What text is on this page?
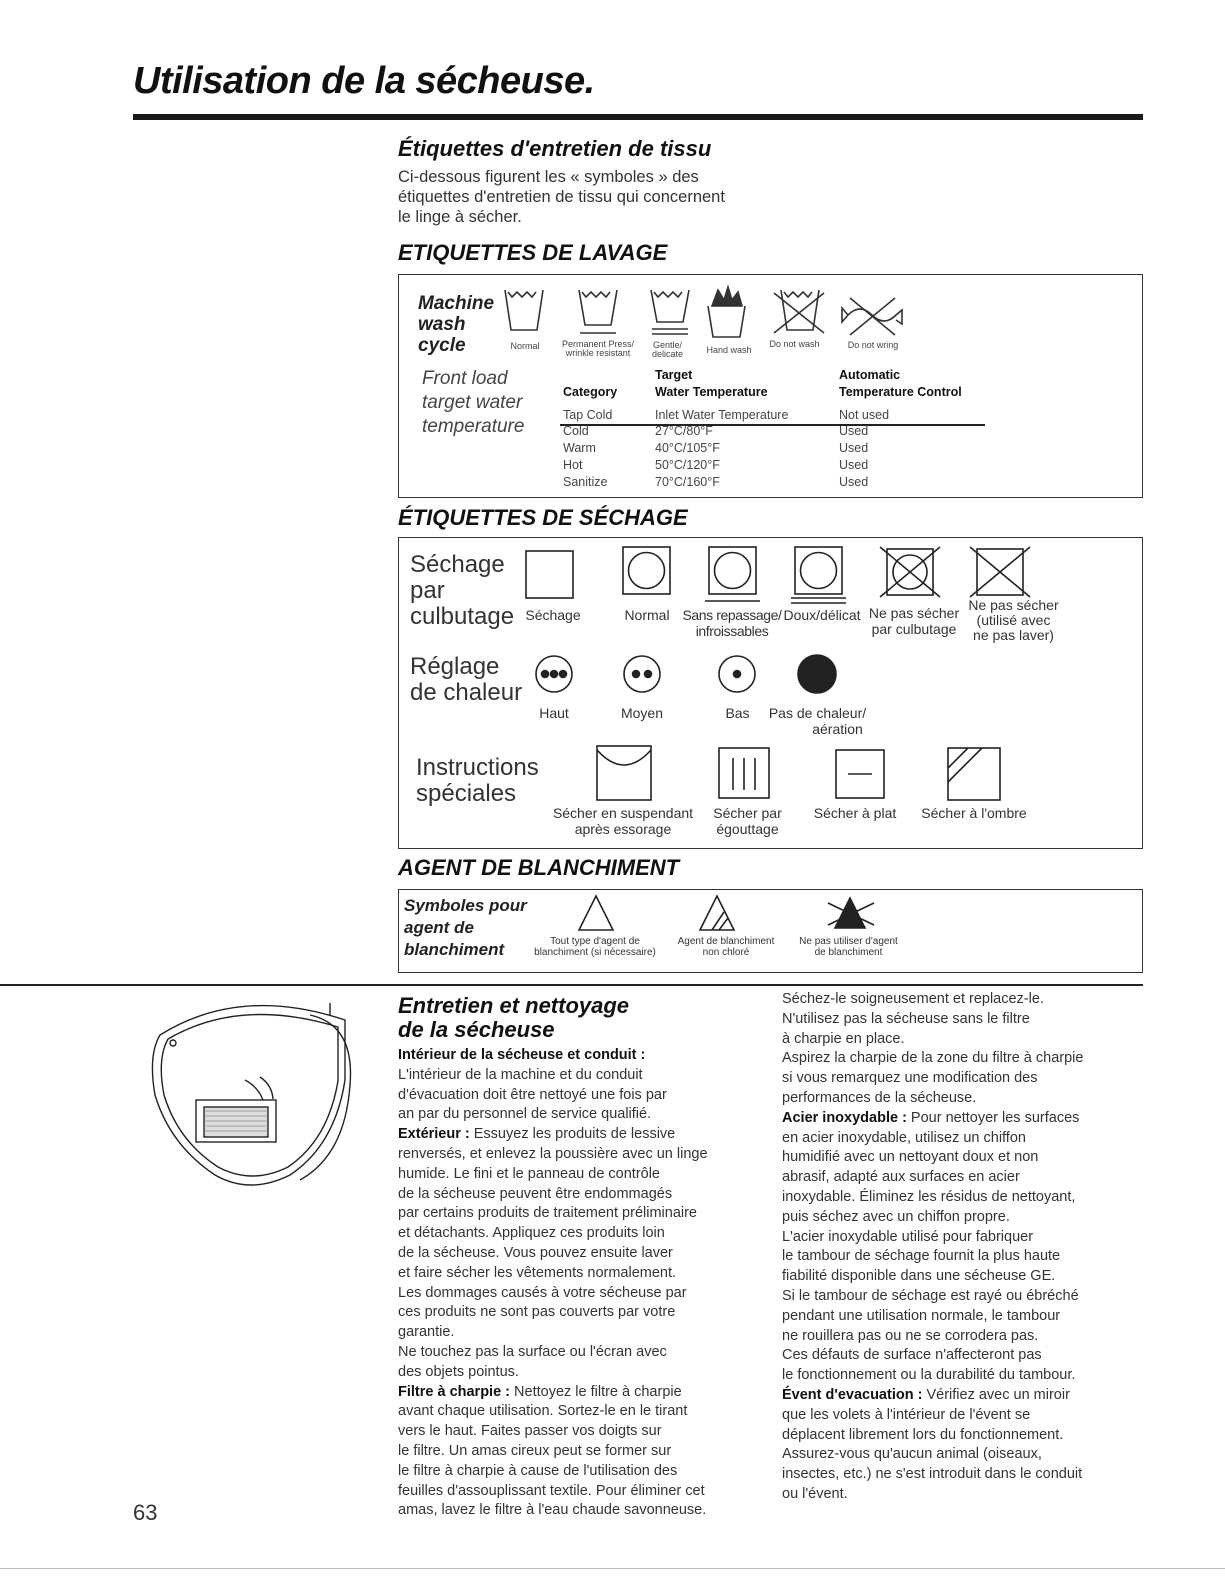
Utilisation de la sécheuse.
Étiquettes d'entretien de tissu
Ci-dessous figurent les « symboles » des
étiquettes d'entretien de tissu qui concernent
le linge à sécher.
ETIQUETTES DE LAVAGE
Machine
wash
cycle	Normal	Permanent Press/
wrinkle resistant
Gentle/
delicate	Hand wash
Do not wash	Do not wring
Front load
target water
temperature
Category
Target
Water Temperature
Automatic
Temperature Control
Tap Cold	Inlet Water Temperature	Not used
Cold	27°C/80°F	Used
Warm	40°C/105°F	Used
Hot	50°C/120°F	Used
Sanitize	70°C/160°F	Used
ÉTIQUETTES DE SÉCHAGE
Séchage
par
culbutage Séchage	Normal Sans repassage/
infroissables
Doux/délicat Ne pas sécher
par culbutage
Ne pas sécher
(utilisé avec
ne pas laver)
Réglage
de chaleur
Haut	Moyen	Bas	Pas de chaleur/
aération
Instructions
spéciales
Sécher en suspendant
après essorage
Sécher par
égouttage
Sécher à plat	Sécher à l'ombre
AGENT DE BLANCHIMENT
Symboles pour
agent de
blanchiment	Tout type d'agent de
blanchiment (si nécessaire)
Agent de blanchiment
non chloré
Ne pas utiliser d'agent
de blanchiment
Entretien et nettoyage
de la sécheuse
Intérieur de la sécheuse et conduit :
L'intérieur de la machine et du conduit
d'évacuation doit être nettoyé une fois par
an par du personnel de service qualifié.
Extérieur : Essuyez les produits de lessive
renversés, et enlevez la poussière avec un linge
humide. Le fini et le panneau de contrôle
de la sécheuse peuvent être endommagés
par certains produits de traitement préliminaire
et détachants. Appliquez ces produits loin
de la sécheuse. Vous pouvez ensuite laver
et faire sécher les vêtements normalement.
Les dommages causés à votre sécheuse par
ces produits ne sont pas couverts par votre
garantie.
Ne touchez pas la surface ou l'écran avec
des objets pointus.
Filtre à charpie : Nettoyez le filtre à charpie
avant chaque utilisation. Sortez-le en le tirant
vers le haut. Faites passer vos doigts sur
le filtre. Un amas cireux peut se former sur
le filtre à charpie à cause de l'utilisation des
feuilles d'assouplissant textile. Pour éliminer cet
amas, lavez le filtre à l'eau chaude savonneuse.
Séchez-le soigneusement et replacez-le.
N'utilisez pas la sécheuse sans le filtre
à charpie en place.
Aspirez la charpie de la zone du filtre à charpie
si vous remarquez une modification des
performances de la sécheuse.
Acier inoxydable : Pour nettoyer les surfaces
en acier inoxydable, utilisez un chiffon
humidifié avec un nettoyant doux et non
abrasif, adapté aux surfaces en acier
inoxydable. Éliminez les résidus de nettoyant,
puis séchez avec un chiffon propre.
L'acier inoxydable utilisé pour fabriquer
le tambour de séchage fournit la plus haute
fiabilité disponible dans une sécheuse GE.
Si le tambour de séchage est rayé ou ébréché
pendant une utilisation normale, le tambour
ne rouillera pas ou ne se corrodera pas.
Ces défauts de surface n'affecteront pas
le fonctionnement ou la durabilité du tambour.
Évent d'evacuation : Vérifiez avec un miroir
que les volets à l'intérieur de l'évent se
déplacent librement lors du fonctionnement.
Assurez-vous qu'aucun animal (oiseaux,
insectes, etc.) ne s'est introduit dans le conduit
ou l'évent.
63
